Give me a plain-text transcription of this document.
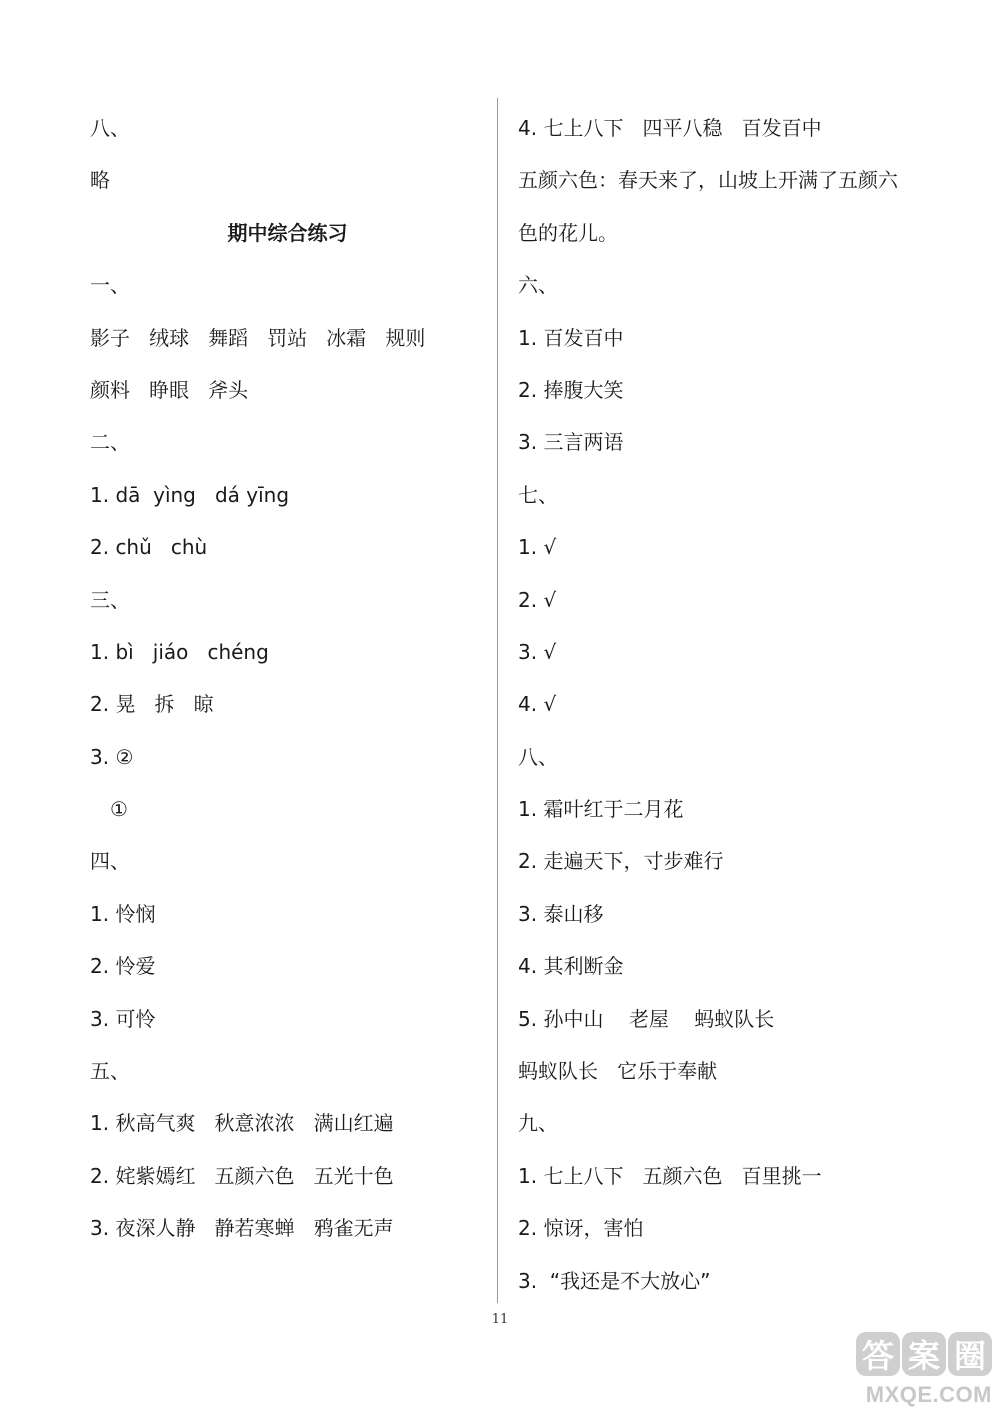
八、
略
期中综合练习
一、
影子   绒球   舞蹈   罚站   冰霜   规则
颜料   睁眼   斧头
二、
1. dā  yìng   dá yīng
2. chǔ   chù
三、
1. bì   jiáo   chéng
2. 晃   拆   晾
3. ②
①
四、
1. 怜悯
2. 怜爱
3. 可怜
五、
1. 秋高气爽   秋意浓浓   满山红遍
2. 姹紫嫣红   五颜六色   五光十色
3. 夜深人静   静若寒蝉   鸦雀无声
4. 七上八下   四平八稳   百发百中
五颜六色：春天来了，山坡上开满了五颜六
色的花儿。
六、
1. 百发百中
2. 捧腹大笑
3. 三言两语
七、
1. √
2. √
3. √
4. √
八、
1. 霜叶红于二月花
2. 走遍天下，寸步难行
3. 泰山移
4. 其利断金
5. 孙中山    老屋    蚂蚁队长
蚂蚁队长   它乐于奉献
九、
1. 七上八下   五颜六色   百里挑一
2. 惊讶，害怕
3.  “我还是不大放心”
11
答 案 圈
MXQE.COM
